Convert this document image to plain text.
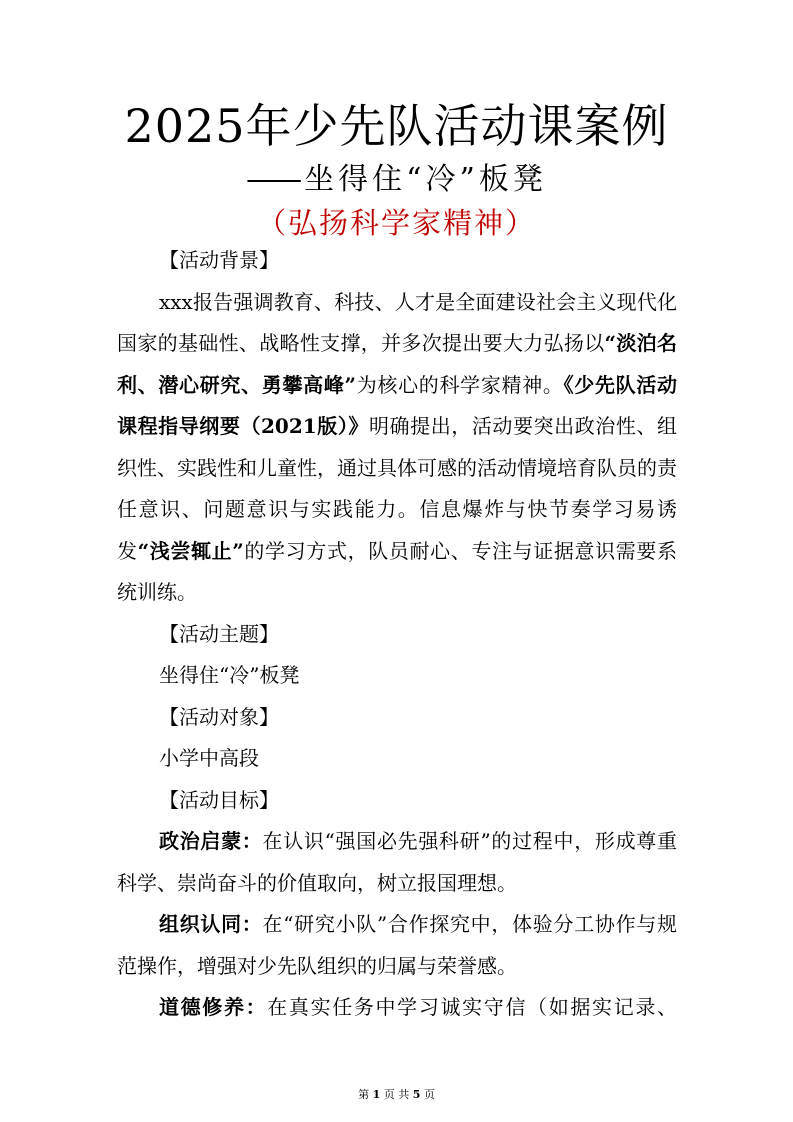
2025年少先队活动课案例
—— 坐得住“冷”板凳
（弘扬科学家精神）

【活动背景】

xxx报告强调教育、科技、人才是全面建设社会主义现代化国家的基础性、战略性支撑，并多次提出要大力弘扬以“淡泊名利、潜心研究、勇攀高峰”为核心的科学家精神。《少先队活动课程指导纲要（2021版）》明确提出，活动要突出政治性、组织性、实践性和儿童性，通过具体可感的活动情境培育队员的责任意识、问题意识与实践能力。信息爆炸与快节奏学习易诱发“浅尝辄止”的学习方式，队员耐心、专注与证据意识需要系统训练。

【活动主题】

坐得住“冷”板凳

【活动对象】

小学中高段

【活动目标】

政治启蒙：在认识“强国必先强科研”的过程中，形成尊重科学、崇尚奋斗的价值取向，树立报国理想。

组织认同：在“研究小队”合作探究中，体验分工协作与规范操作，增强对少先队组织的归属与荣誉感。

道德修养：在真实任务中学习诚实守信（如据实记录、

第 1 页 共 5 页
